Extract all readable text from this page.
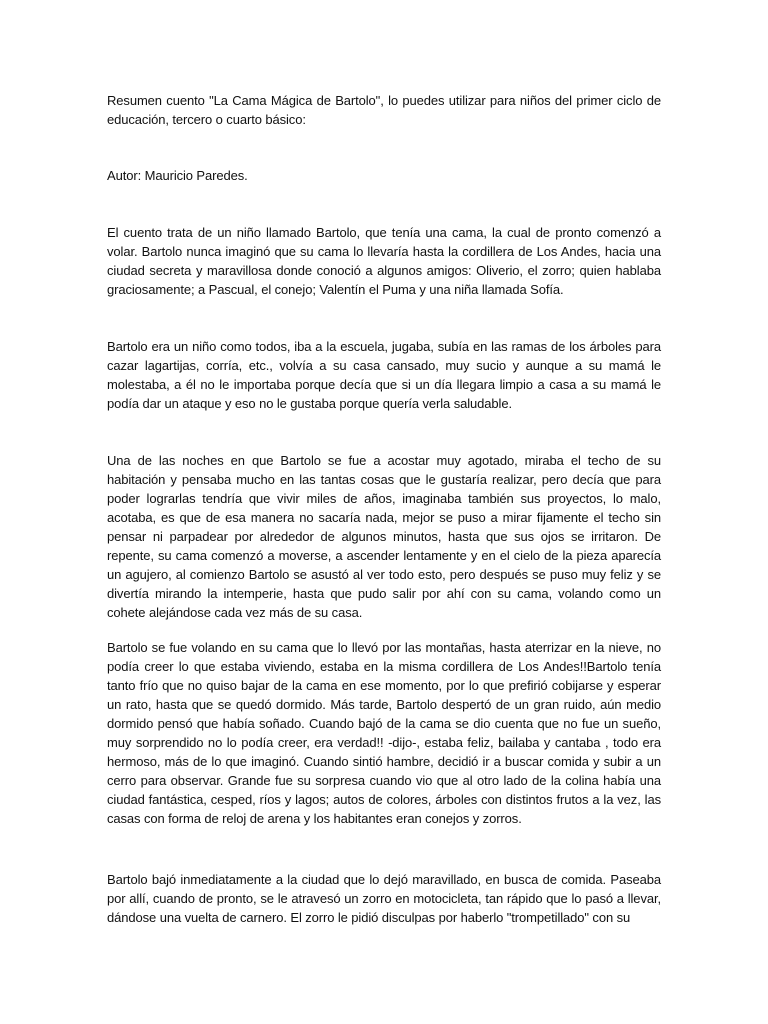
Resumen cuento "La Cama Mágica de Bartolo", lo puedes utilizar para niños del primer ciclo de educación, tercero o cuarto básico:

Autor: Mauricio Paredes.

El cuento trata de un niño llamado Bartolo, que tenía una cama, la cual de pronto comenzó a volar. Bartolo nunca imaginó que su cama lo llevaría hasta la cordillera de Los Andes, hacia una ciudad secreta y maravillosa donde conoció a algunos amigos: Oliverio, el zorro; quien hablaba graciosamente; a Pascual, el conejo; Valentín el Puma y una niña llamada Sofía.

Bartolo era un niño como todos, iba a la escuela, jugaba, subía en las ramas de los árboles para cazar lagartijas, corría, etc., volvía a su casa cansado, muy sucio y aunque a su mamá le molestaba, a él no le importaba porque decía que si un día llegara limpio a casa a su mamá le podía dar un ataque y eso no le gustaba porque quería verla saludable.

Una de las noches en que Bartolo se fue a acostar muy agotado, miraba el techo de su habitación y pensaba mucho en las tantas cosas que le gustaría realizar, pero decía que para poder lograrlas tendría que vivir miles de años, imaginaba también sus proyectos, lo malo, acotaba, es que de esa manera no sacaría nada, mejor se puso a mirar fijamente el techo sin pensar ni parpadear por alrededor de algunos minutos, hasta que sus ojos se irritaron. De repente, su cama comenzó a moverse, a ascender lentamente y en el cielo de la pieza aparecía un agujero, al comienzo Bartolo se asustó al ver todo esto, pero después se puso muy feliz y se divertía mirando la intemperie, hasta que pudo salir por ahí con su cama, volando como un cohete alejándose cada vez más de su casa.

Bartolo se fue volando en su cama que lo llevó por las montañas, hasta aterrizar en la nieve, no podía creer lo que estaba viviendo, estaba en la misma cordillera de Los Andes!!Bartolo tenía tanto frío que no quiso bajar de la cama en ese momento, por lo que prefirió cobijarse y esperar un rato, hasta que se quedó dormido. Más tarde, Bartolo despertó de un gran ruido, aún medio dormido pensó que había soñado. Cuando bajó de la cama se dio cuenta que no fue un sueño, muy sorprendido no lo podía creer, era verdad!! -dijo-, estaba feliz, bailaba y cantaba , todo era hermoso, más de lo que imaginó. Cuando sintió hambre, decidió ir a buscar comida y subir a un cerro para observar. Grande fue su sorpresa cuando vio que al otro lado de la colina había una ciudad fantástica, cesped, ríos y lagos; autos de colores, árboles con distintos frutos a la vez, las casas con forma de reloj de arena y los habitantes eran conejos y zorros.

Bartolo bajó inmediatamente a la ciudad que lo dejó maravillado, en busca de comida. Paseaba por allí, cuando de pronto, se le atravesó un zorro en motocicleta, tan rápido que lo pasó a llevar, dándose una vuelta de carnero. El zorro le pidió disculpas por haberlo "trompetillado" con su
